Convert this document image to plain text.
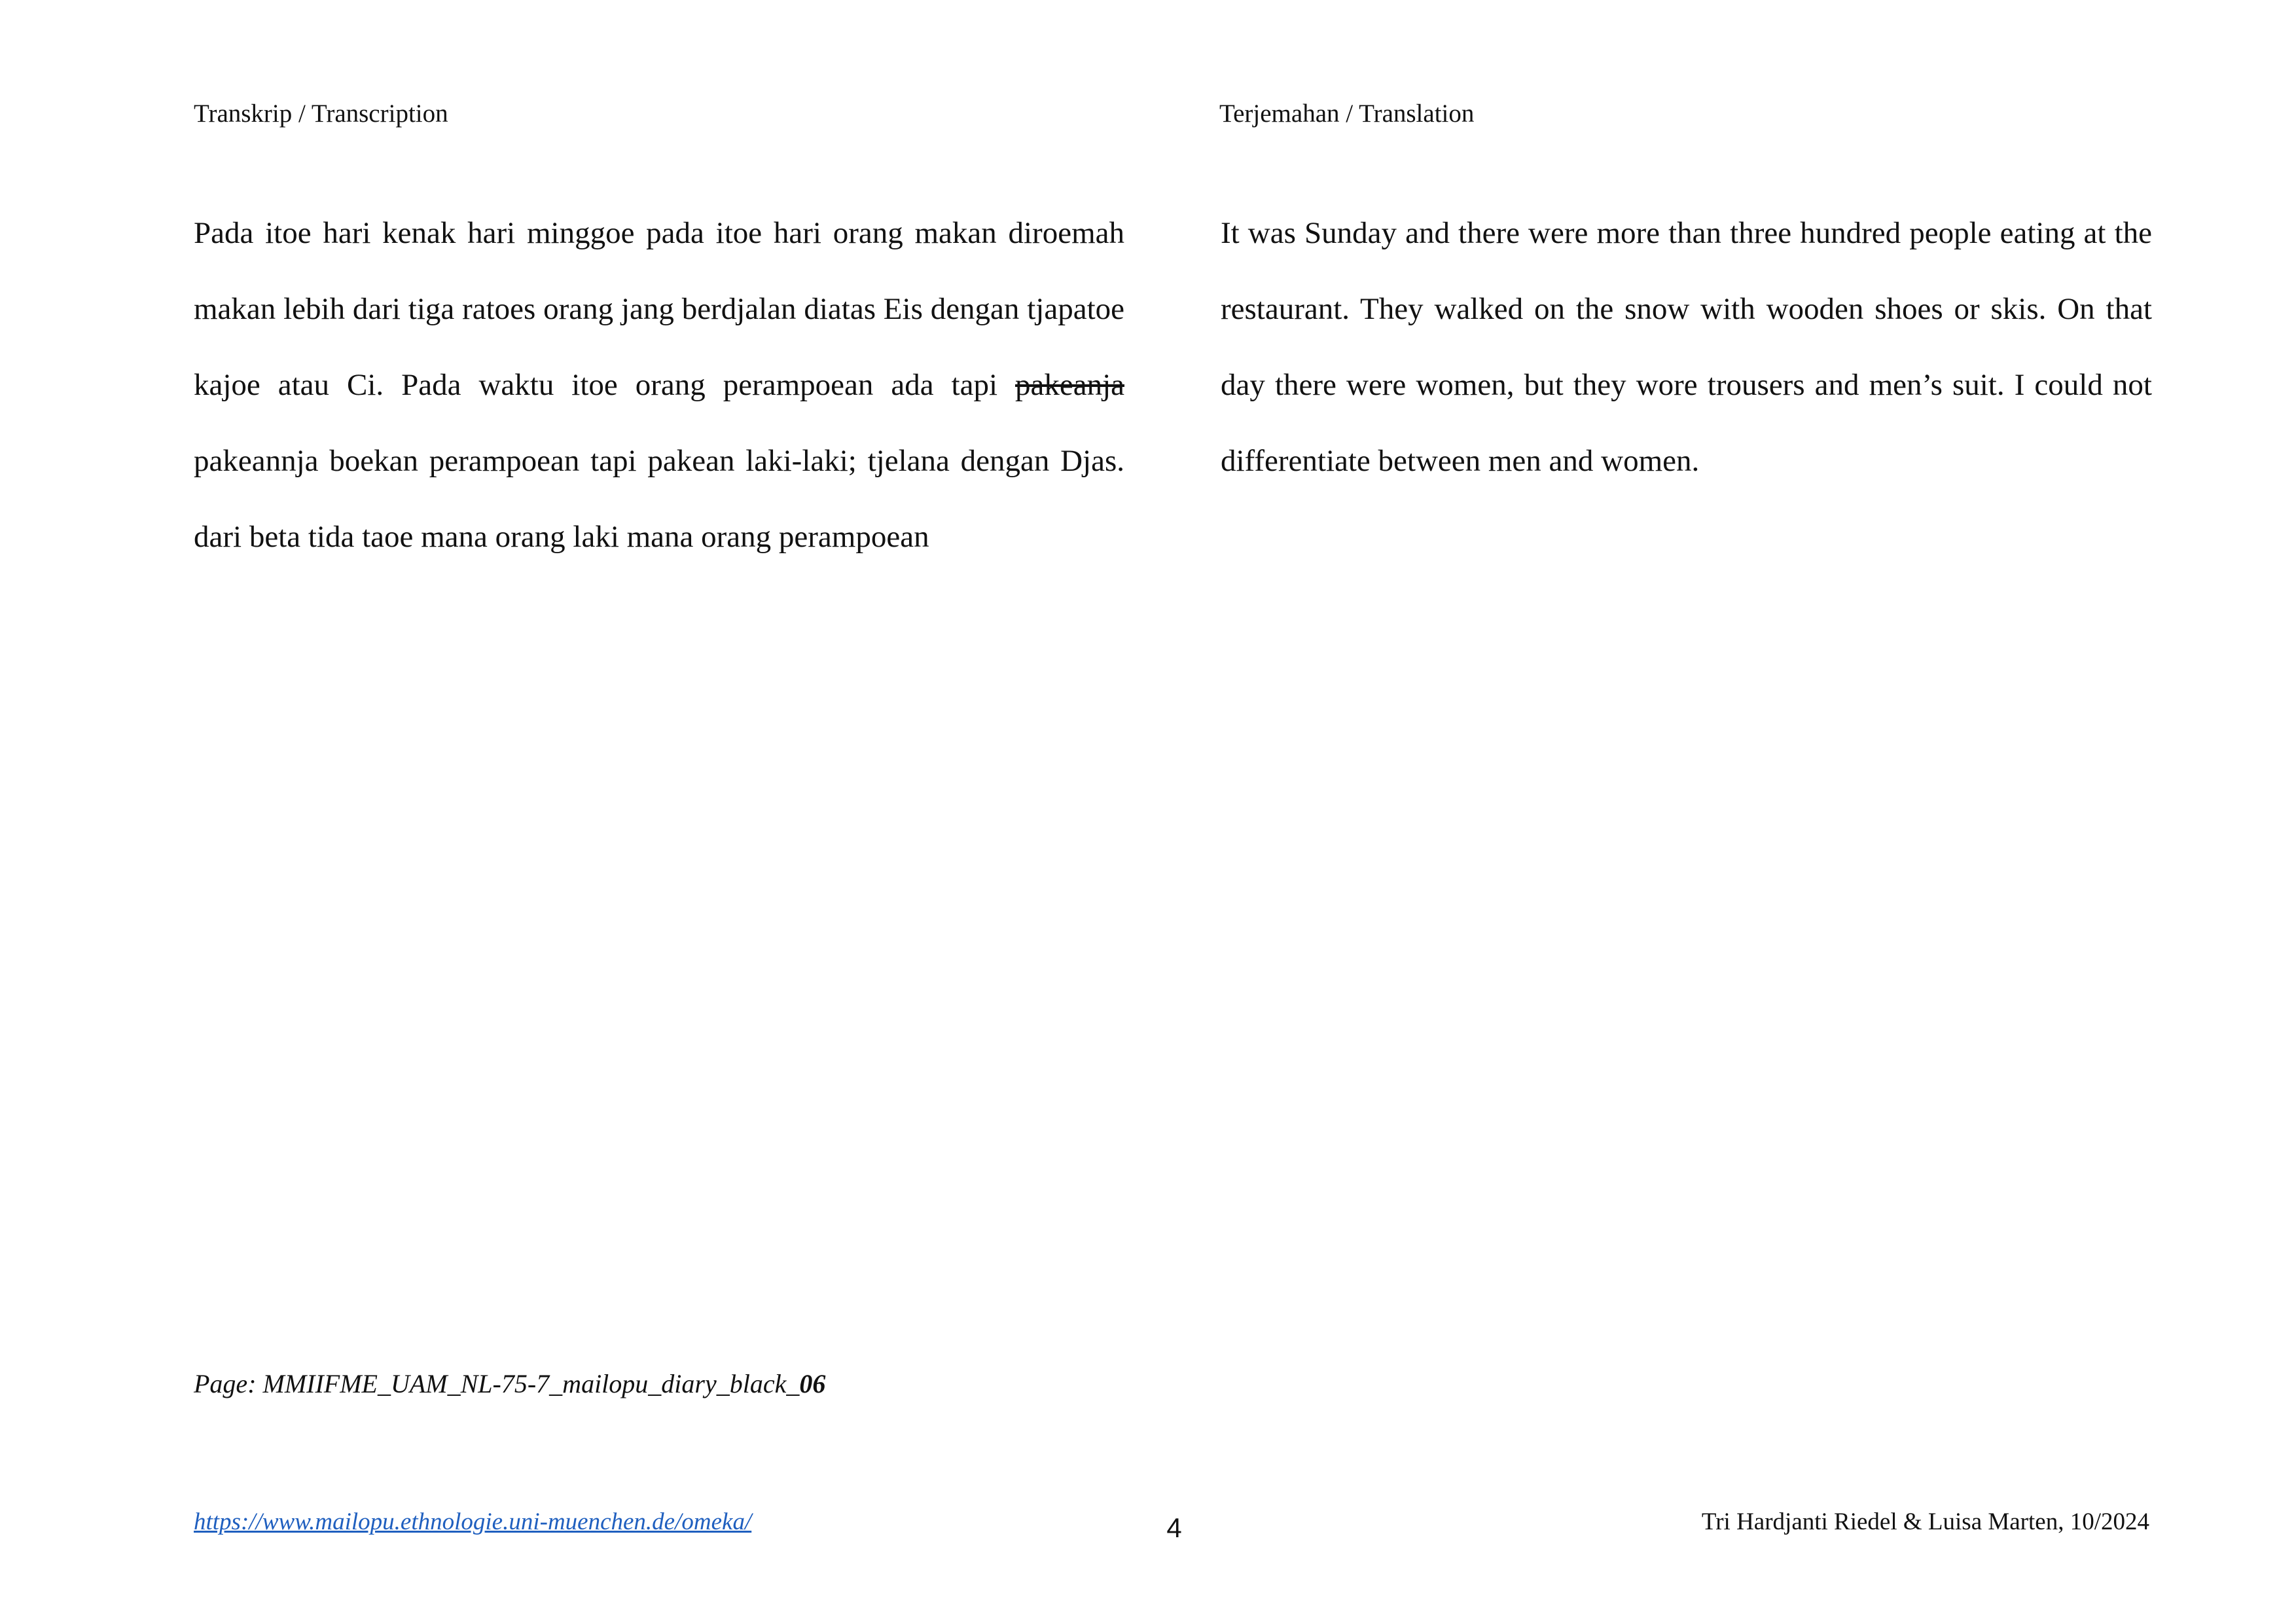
Transkrip / Transcription	Terjemahan / Translation
Pada itoe hari kenak hari minggoe pada itoe hari orang makan diroemah makan lebih dari tiga ratoes orang jang berdjalan diatas Eis dengan tjapatoe kajoe atau Ci. Pada waktu itoe orang perampoean ada tapi pakeanja pakeannja boekan perampoean tapi pakean laki-laki; tjelana dengan Djas. dari beta tida taoe mana orang laki mana orang perampoean
It was Sunday and there were more than three hundred people eating at the restaurant. They walked on the snow with wooden shoes or skis. On that day there were women, but they wore trousers and men’s suit. I could not differentiate between men and women.
Page: MMIIFME_UAM_NL-75-7_mailopu_diary_black_06
https://www.mailopu.ethnologie.uni-muenchen.de/omeka/	4	Tri Hardjanti Riedel & Luisa Marten, 10/2024
